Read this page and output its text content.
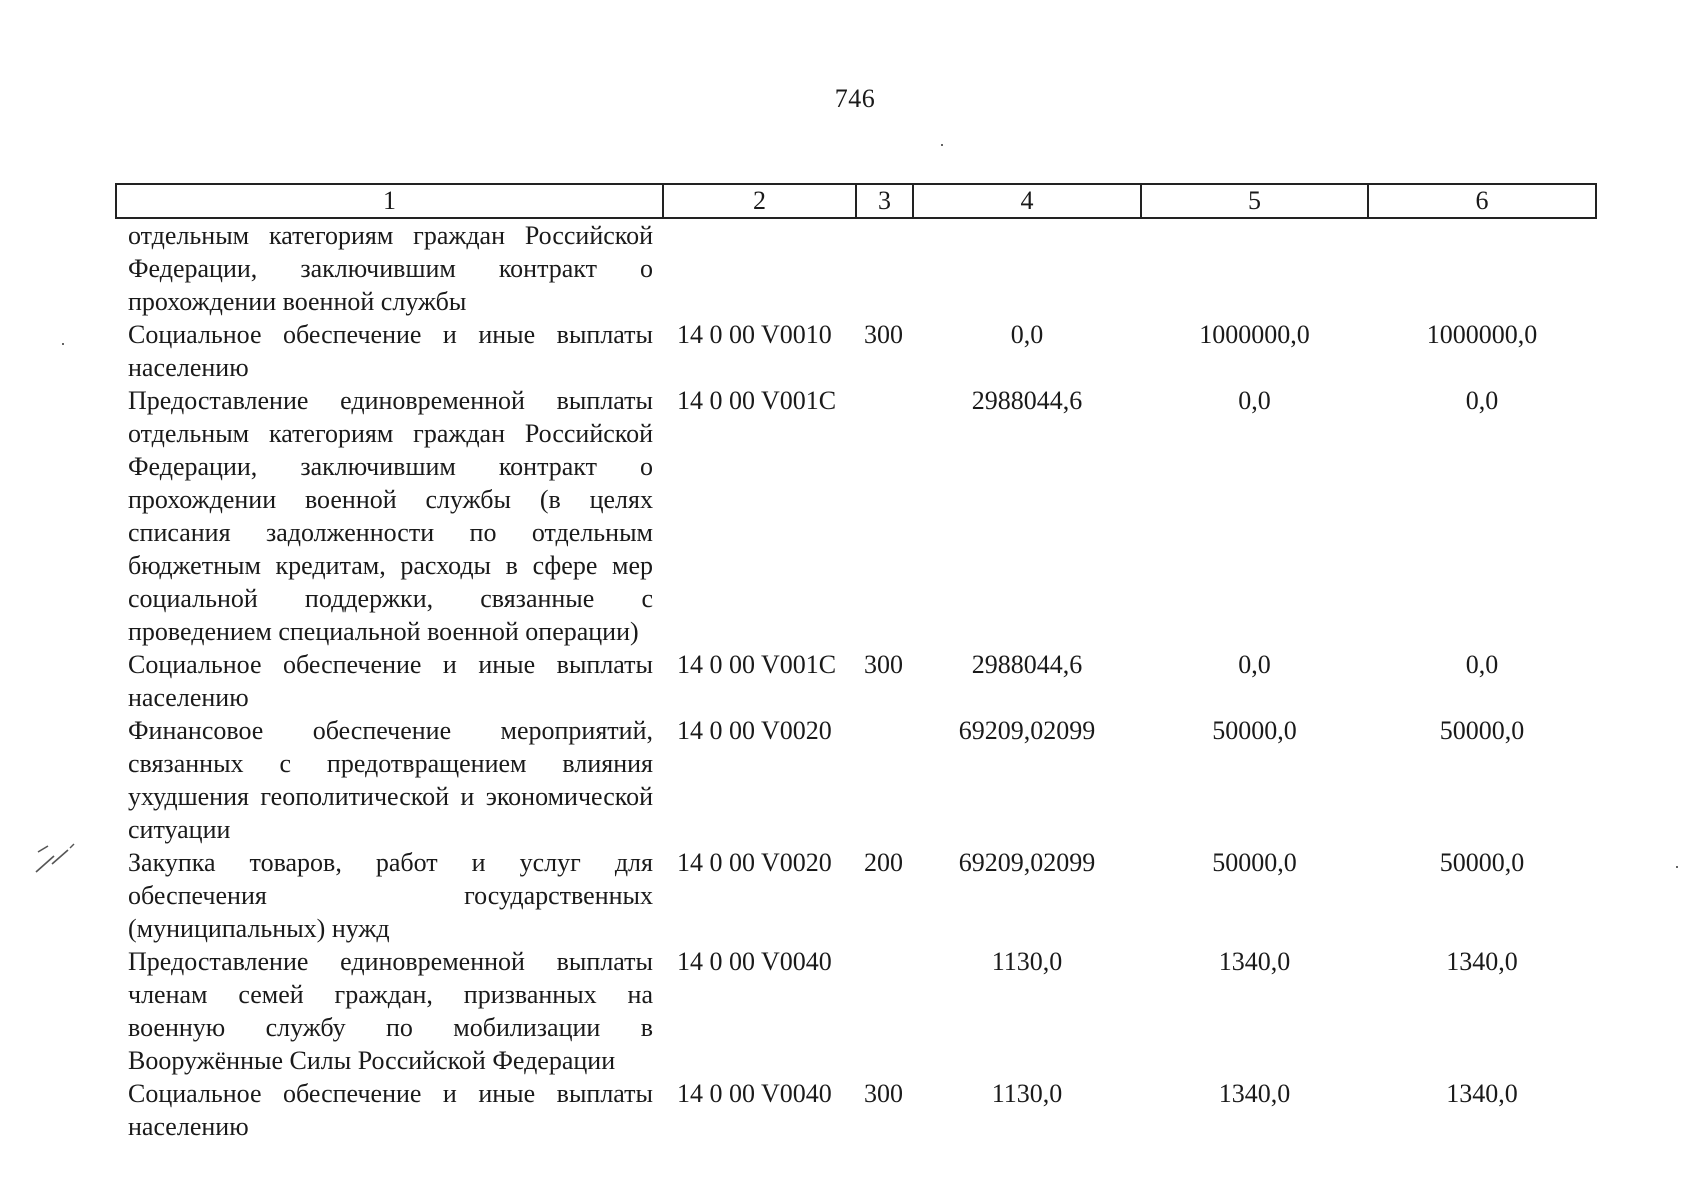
746
1	2	3	4	5	6
отдельным категориям граждан Российской Федерации, заключившим контракт о прохождении военной службы					
Социальное обеспечение и иные выплаты населению	14 0 00 V0010	300	0,0	1000000,0	1000000,0
Предоставление единовременной выплаты отдельным категориям граждан Российской Федерации, заключившим контракт о прохождении военной службы (в целях списания задолженности по отдельным бюджетным кредитам, расходы в сфере мер социальной поддержки, связанные с проведением специальной военной операции)	14 0 00 V001C		2988044,6	0,0	0,0
Социальное обеспечение и иные выплаты населению	14 0 00 V001C	300	2988044,6	0,0	0,0
Финансовое обеспечение мероприятий, связанных с предотвращением влияния ухудшения геополитической и экономической ситуации	14 0 00 V0020		69209,02099	50000,0	50000,0
Закупка товаров, работ и услуг для обеспечения государственных (муниципальных) нужд	14 0 00 V0020	200	69209,02099	50000,0	50000,0
Предоставление единовременной выплаты членам семей граждан, призванных на военную службу по мобилизации в Вооружённые Силы Российской Федерации	14 0 00 V0040		1130,0	1340,0	1340,0
Социальное обеспечение и иные выплаты населению	14 0 00 V0040	300	1130,0	1340,0	1340,0
